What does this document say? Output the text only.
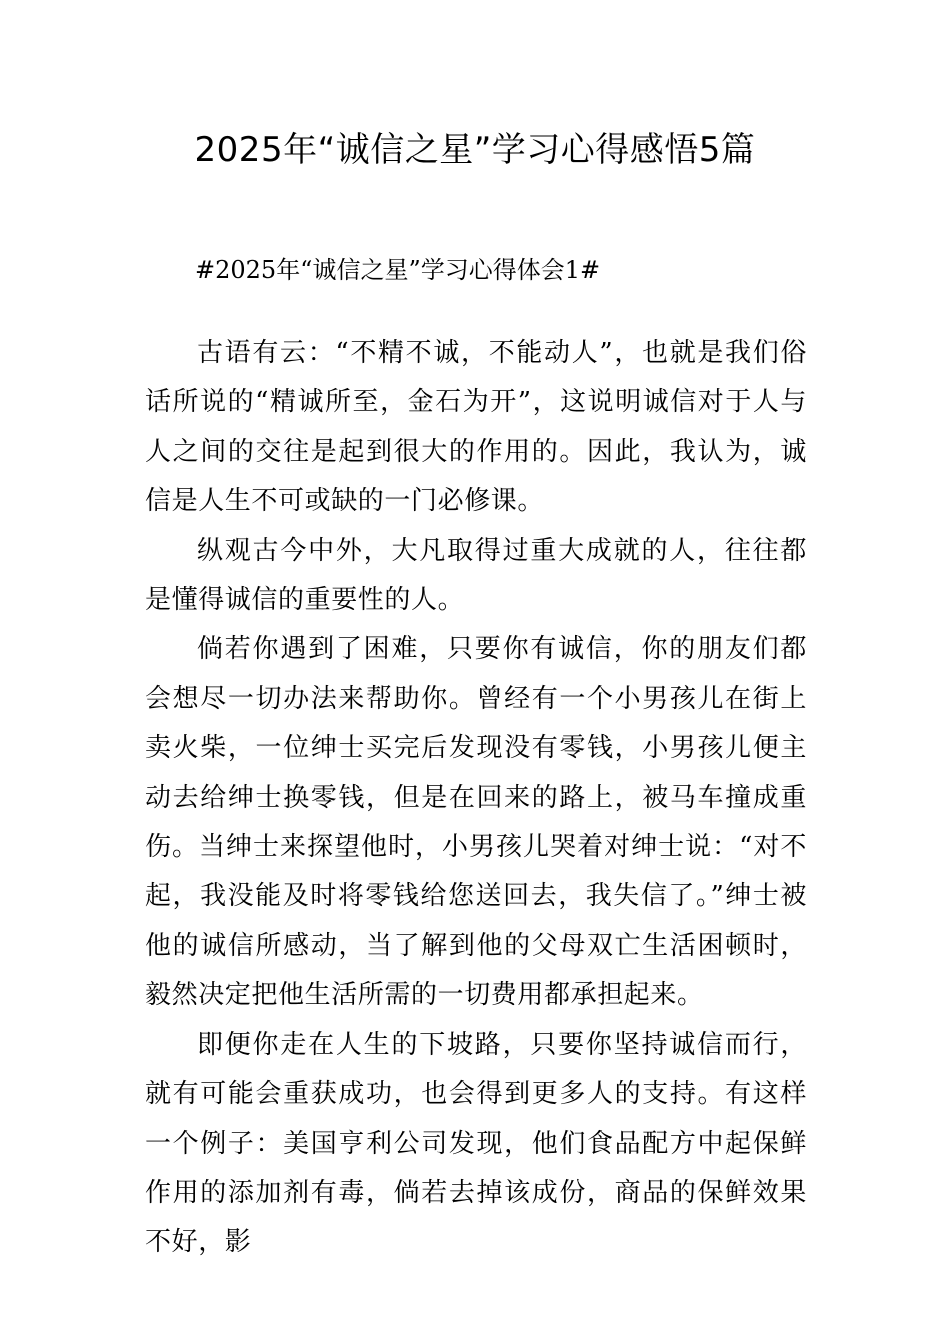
2025年“诚信之星”学习心得感悟5篇
#2025年“诚信之星”学习心得体会1#

古语有云：“不精不诚，不能动人”，也就是我们俗话所说的“精诚所至，金石为开”，这说明诚信对于人与人之间的交往是起到很大的作用的。因此，我认为，诚信是人生不可或缺的一门必修课。

纵观古今中外，大凡取得过重大成就的人，往往都是懂得诚信的重要性的人。

倘若你遇到了困难，只要你有诚信，你的朋友们都会想尽一切办法来帮助你。曾经有一个小男孩儿在街上卖火柴，一位绅士买完后发现没有零钱，小男孩儿便主动去给绅士换零钱，但是在回来的路上，被马车撞成重伤。当绅士来探望他时，小男孩儿哭着对绅士说：“对不起，我没能及时将零钱给您送回去，我失信了。”绅士被他的诚信所感动，当了解到他的父母双亡生活困顿时，毅然决定把他生活所需的一切费用都承担起来。

即便你走在人生的下坡路，只要你坚持诚信而行，就有可能会重获成功，也会得到更多人的支持。有这样一个例子：美国亨利公司发现，他们食品配方中起保鲜作用的添加剂有毒，倘若去掉该成份，商品的保鲜效果不好，影
